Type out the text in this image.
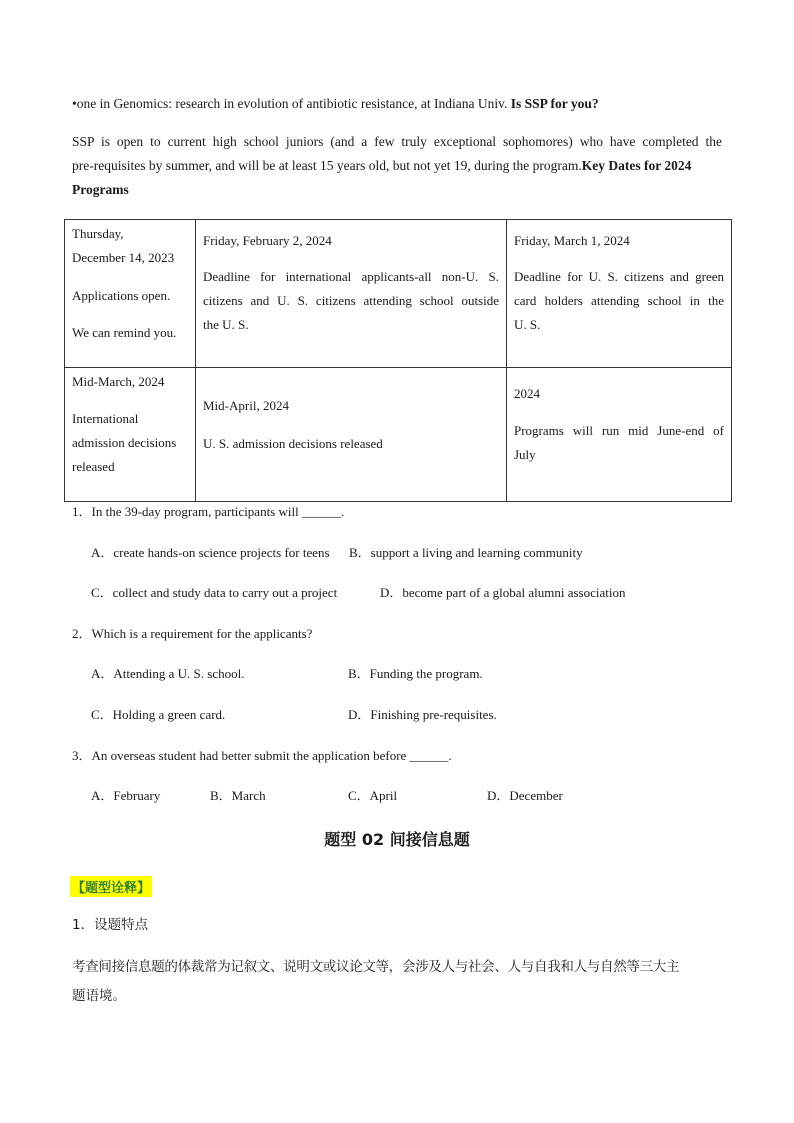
•one in Genomics: research in evolution of antibiotic resistance, at Indiana Univ. Is SSP for you?
SSP is open to current high school juniors (and a few truly exceptional sophomores) who have completed the
pre-requisites by summer, and will be at least 15 years old, but not yet 19, during the program.Key Dates for 2024
Programs
Thursday,
December 14, 2023
Applications open.
We can remind you.	Friday, February 2, 2024
Deadline for international applicants-all non-U. S.
citizens and U. S. citizens attending school outside
the U. S.	Friday, March 1, 2024
Deadline for U. S. citizens and green
card holders attending school in the
U. S.

Mid-March, 2024
International
admission decisions
released	Mid-April, 2024
U. S. admission decisions released	2024
Programs will run mid June-end of
July
1．In the 39-day program, participants will ______.
A．create hands-on science projects for teens B．support a living and learning community
C．collect and study data to carry out a project	D．become part of a global alumni association
2．Which is a requirement for the applicants?
A．Attending a U. S. school.	B．Funding the program.
C．Holding a green card.	D．Finishing pre-requisites.
3．An overseas student had better submit the application before ______.
A．February	B．March	C．April	D．December
题型 02 间接信息题
【题型诠释】
1．设题特点
考查间接信息题的体裁常为记叙文、说明文或议论文等，会涉及人与社会、人与自我和人与自然等三大主
题语境。
